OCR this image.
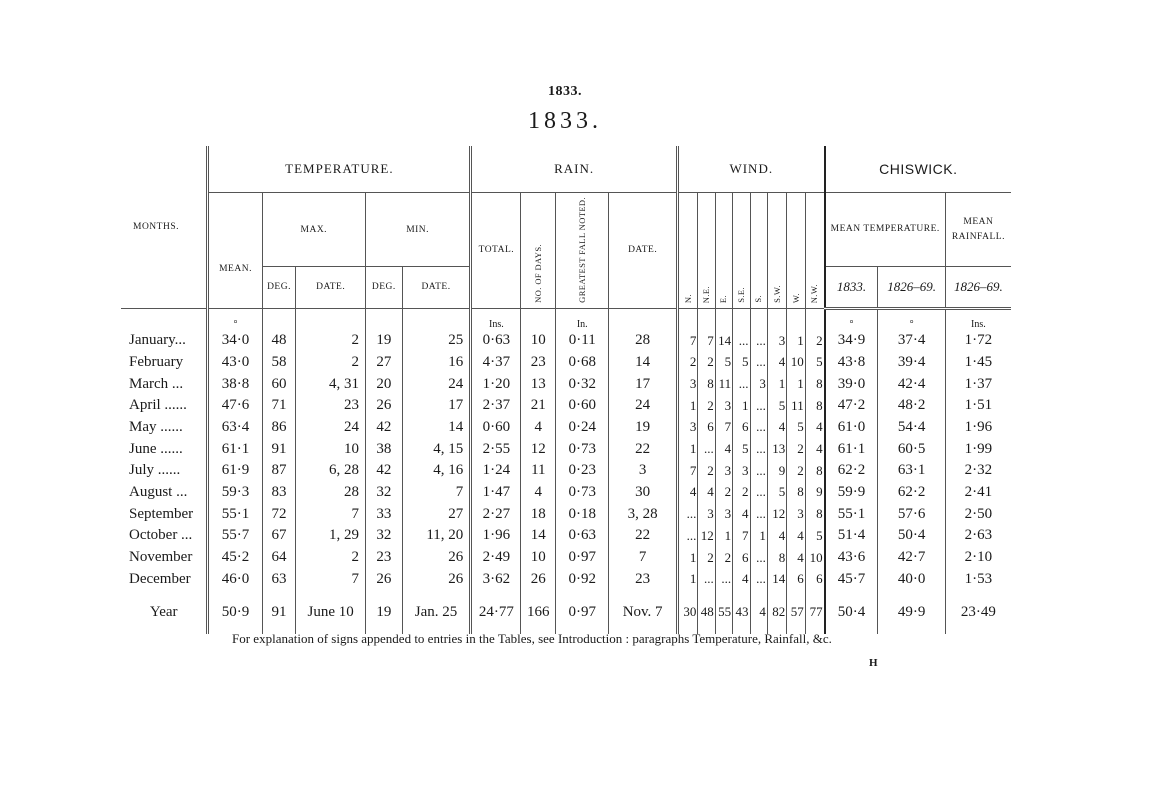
1833.
1833.
MONTHS.	TEMPERATURE.					RAIN.				WIND.								CHISWICK.		
	MEAN.	MAX.		MIN.		TOTAL.	NO. OF DAYS.	GREATEST FALL NOTED.	DATE.	N.	N.E.	E.	S.E.	S.	S.W.	W.	N.W.	MEAN TEMPERATURE.		MEAN RAINFALL.
		DEG.	DATE.	DEG.	DATE.													1833.	1826–69.	1826–69.
	°					Ins.		In.										°	°	Ins.
January...	34·0	48	2	19	25	0·63	10	0·11	28	7	7	14	...	...	3	1	2	34·9	37·4	1·72
February	43·0	58	2	27	16	4·37	23	0·68	14	2	2	5	5	...	4	10	5	43·8	39·4	1·45
March ...	38·8	60	4, 31	20	24	1·20	13	0·32	17	3	8	11	...	3	1	1	8	39·0	42·4	1·37
April ......	47·6	71	23	26	17	2·37	21	0·60	24	1	2	3	1	...	5	11	8	47·2	48·2	1·51
May ......	63·4	86	24	42	14	0·60	4	0·24	19	3	6	7	6	...	4	5	4	61·0	54·4	1·96
June ......	61·1	91	10	38	4, 15	2·55	12	0·73	22	1	...	4	5	...	13	2	4	61·1	60·5	1·99
July ......	61·9	87	6, 28	42	4, 16	1·24	11	0·23	3	7	2	3	3	...	9	2	8	62·2	63·1	2·32
August ...	59·3	83	28	32	7	1·47	4	0·73	30	4	4	2	2	...	5	8	9	59·9	62·2	2·41
September	55·1	72	7	33	27	2·27	18	0·18	3, 28	...	3	3	4	...	12	3	8	55·1	57·6	2·50
October ...	55·7	67	1, 29	32	11, 20	1·96	14	0·63	22	...	12	1	7	1	4	4	5	51·4	50·4	2·63
November	45·2	64	2	23	26	2·49	10	0·97	7	1	2	2	6	...	8	4	10	43·6	42·7	2·10
December	46·0	63	7	26	26	3·62	26	0·92	23	1	...	...	4	...	14	6	6	45·7	40·0	1·53
Year	50·9	91	June 10	19	Jan. 25	24·77	166	0·97	Nov. 7	30	48	55	43	4	82	57	77	50·4	49·9	23·49
For explanation of signs appended to entries in the Tables, see Introduction : paragraphs Temperature, Rainfall, &c.
H
